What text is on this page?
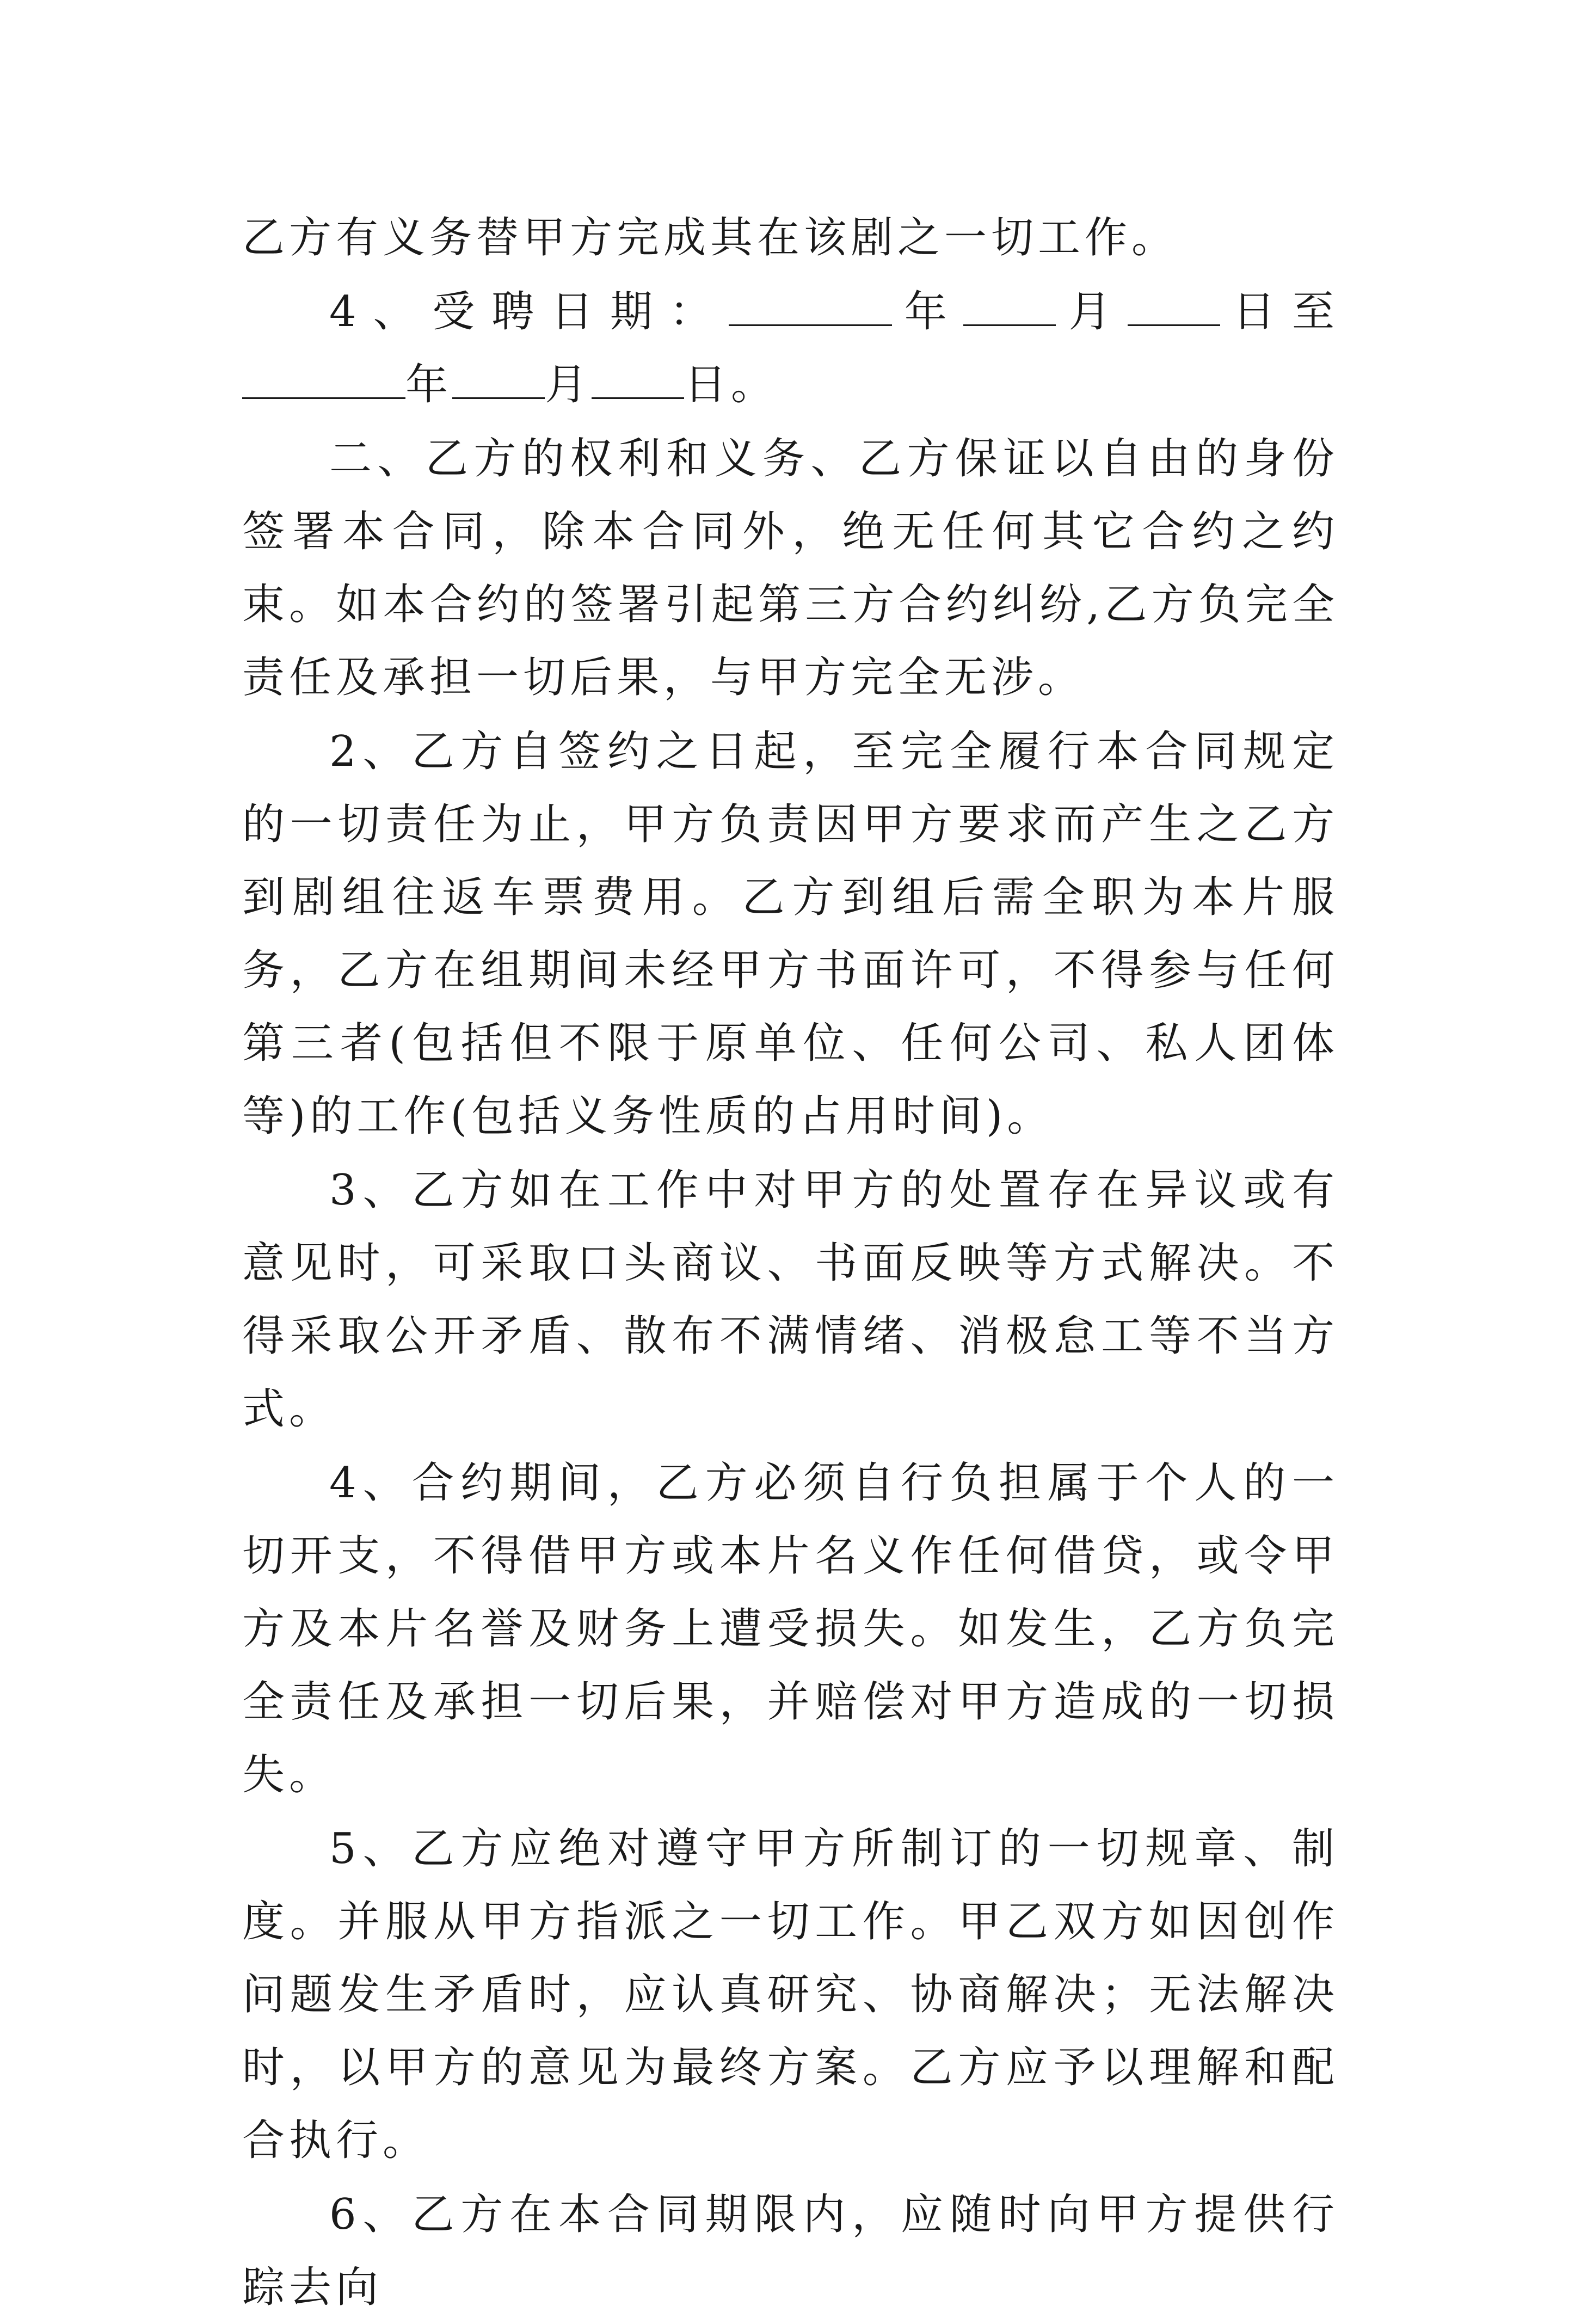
乙方有义务替甲方完成其在该剧之一切工作。

4、受聘日期：	年 月 日至年 月 日。

二、乙方的权利和义务、乙方保证以自由的身份签署本合同，除本合同外，绝无任何其它合约之约束。如本合约的签署引起第三方合约纠纷,乙方负完全责任及承担一切后果，与甲方完全无涉。

2、乙方自签约之日起，至完全履行本合同规定的一切责任为止，甲方负责因甲方要求而产生之乙方到剧组往返车票费用。乙方到组后需全职为本片服务，乙方在组期间未经甲方书面许可，不得参与任何第三者(包括但不限于原单位、任何公司、私人团体等)的工作(包括义务性质的占用时间)。

3、乙方如在工作中对甲方的处置存在异议或有意见时，可采取口头商议、书面反映等方式解决。不得采取公开矛盾、散布不满情绪、消极怠工等不当方式。

4、合约期间，乙方必须自行负担属于个人的一切开支，不得借甲方或本片名义作任何借贷，或令甲方及本片名誉及财务上遭受损失。如发生，乙方负完全责任及承担一切后果，并赔偿对甲方造成的一切损失。

5、乙方应绝对遵守甲方所制订的一切规章、制度。并服从甲方指派之一切工作。甲乙双方如因创作问题发生矛盾时，应认真研究、协商解决；无法解决时，以甲方的意见为最终方案。乙方应予以理解和配合执行。

6、乙方在本合同期限内，应随时向甲方提供行踪去向
